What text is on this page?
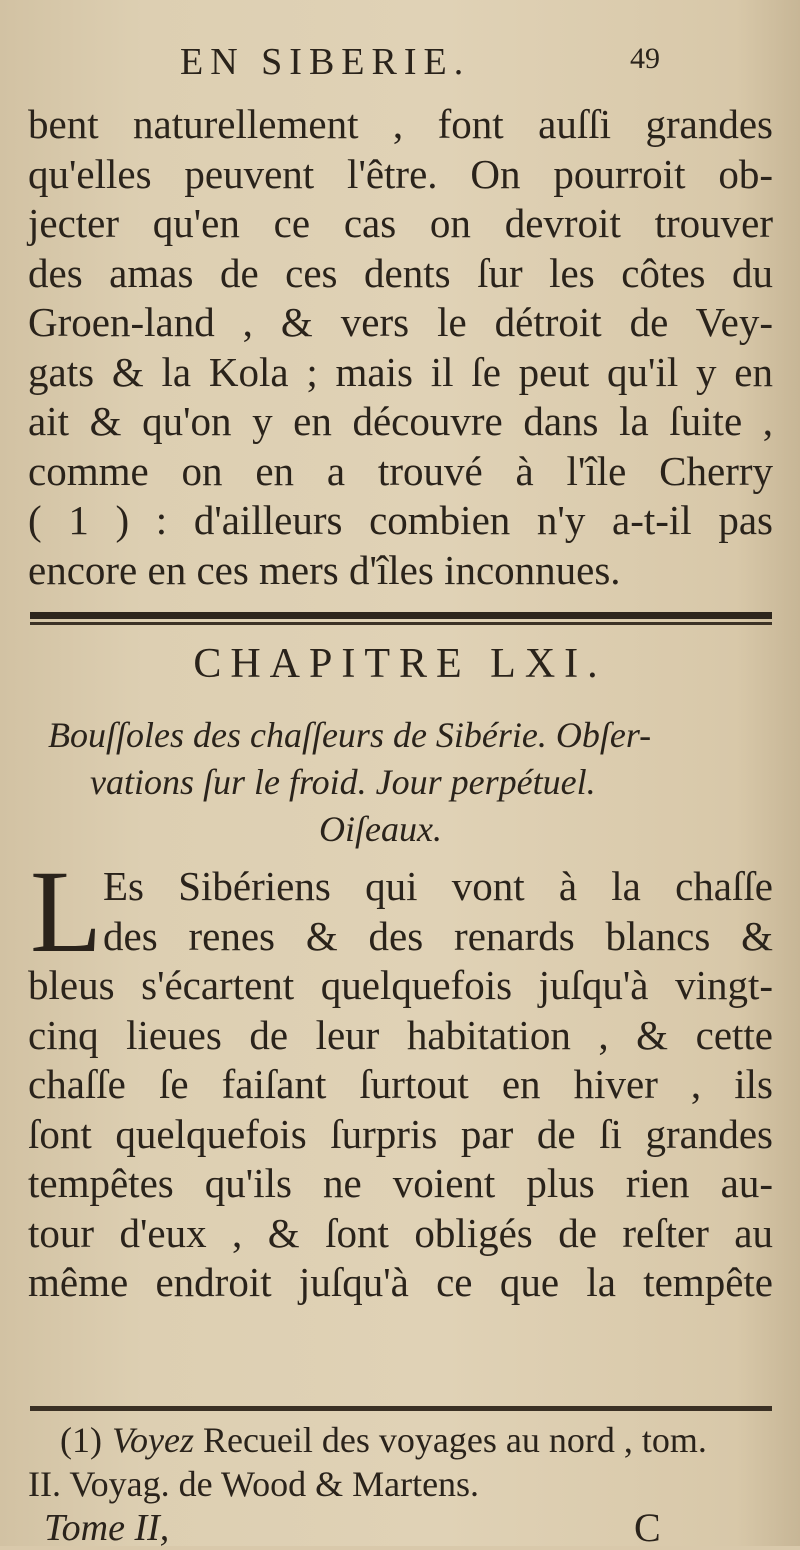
EN SIBERIE.	49
bent naturellement , font auſſi grandes
qu'elles peuvent l'être. On pourroit ob-
jecter qu'en ce cas on devroit trouver
des amas de ces dents ſur les côtes du
Groen-land , & vers le détroit de Vey-
gats & la Kola ; mais il ſe peut qu'il y en
ait & qu'on y en découvre dans la ſuite ,
comme on en a trouvé à l'île Cherry
( 1 ) : d'ailleurs combien n'y a-t-il pas
encore en ces mers d'îles inconnues.
CHAPITRE LXI.
Bouſſoles des chaſſeurs de Sibérie. Obſer-
vations ſur le froid. Jour perpétuel.
Oiſeaux.
L Es Sibériens qui vont à la chaſſe
des renes & des renards blancs &
bleus s'écartent quelquefois juſqu'à vingt-
cinq lieues de leur habitation , & cette
chaſſe ſe faiſant ſurtout en hiver , ils
ſont quelquefois ſurpris par de ſi grandes
tempêtes qu'ils ne voient plus rien au-
tour d'eux , & ſont obligés de reſter au
même endroit juſqu'à ce que la tempête
(1) Voyez Recueil des voyages au nord , tom.
II. Voyag. de Wood & Martens.
Tome II,	C
